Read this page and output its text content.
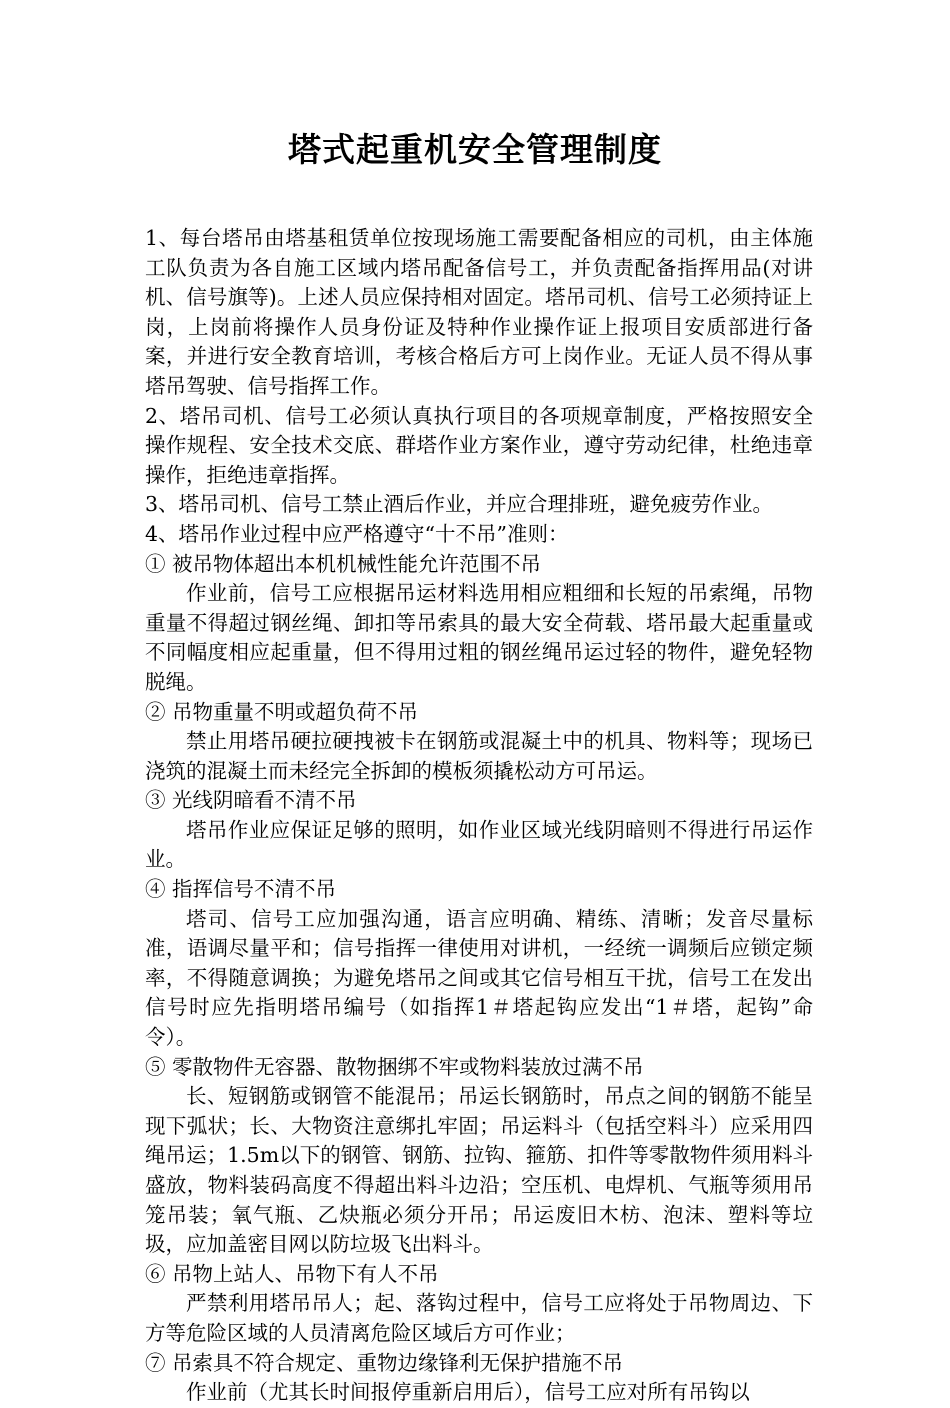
塔式起重机安全管理制度

1、每台塔吊由塔基租赁单位按现场施工需要配备相应的司机，由主体施工队负责为各自施工区域内塔吊配备信号工，并负责配备指挥用品(对讲机、信号旗等)。上述人员应保持相对固定。塔吊司机、信号工必须持证上岗，上岗前将操作人员身份证及特种作业操作证上报项目安质部进行备案，并进行安全教育培训，考核合格后方可上岗作业。无证人员不得从事塔吊驾驶、信号指挥工作。

2、塔吊司机、信号工必须认真执行项目的各项规章制度，严格按照安全操作规程、安全技术交底、群塔作业方案作业，遵守劳动纪律，杜绝违章操作，拒绝违章指挥。

3、塔吊司机、信号工禁止酒后作业，并应合理排班，避免疲劳作业。

4、塔吊作业过程中应严格遵守“十不吊”准则：

① 被吊物体超出本机机械性能允许范围不吊

作业前，信号工应根据吊运材料选用相应粗细和长短的吊索绳，吊物重量不得超过钢丝绳、卸扣等吊索具的最大安全荷载、塔吊最大起重量或不同幅度相应起重量，但不得用过粗的钢丝绳吊运过轻的物件，避免轻物脱绳。

② 吊物重量不明或超负荷不吊

禁止用塔吊硬拉硬拽被卡在钢筋或混凝土中的机具、物料等；现场已浇筑的混凝土而未经完全拆卸的模板须撬松动方可吊运。

③ 光线阴暗看不清不吊

塔吊作业应保证足够的照明，如作业区域光线阴暗则不得进行吊运作业。

④ 指挥信号不清不吊

塔司、信号工应加强沟通，语言应明确、精练、清晰；发音尽量标准，语调尽量平和；信号指挥一律使用对讲机，一经统一调频后应锁定频率，不得随意调换；为避免塔吊之间或其它信号相互干扰，信号工在发出信号时应先指明塔吊编号（如指挥1＃塔起钩应发出“1＃塔，起钩”命令）。

⑤ 零散物件无容器、散物捆绑不牢或物料装放过满不吊

长、短钢筋或钢管不能混吊；吊运长钢筋时，吊点之间的钢筋不能呈现下弧状；长、大物资注意绑扎牢固；吊运料斗（包括空料斗）应采用四绳吊运；1.5m以下的钢管、钢筋、拉钩、箍筋、扣件等零散物件须用料斗盛放，物料装码高度不得超出料斗边沿；空压机、电焊机、气瓶等须用吊笼吊装；氧气瓶、乙炔瓶必须分开吊；吊运废旧木枋、泡沫、塑料等垃圾，应加盖密目网以防垃圾飞出料斗。

⑥ 吊物上站人、吊物下有人不吊

严禁利用塔吊吊人；起、落钩过程中，信号工应将处于吊物周边、下方等危险区域的人员清离危险区域后方可作业；

⑦ 吊索具不符合规定、重物边缘锋利无保护措施不吊

作业前（尤其长时间报停重新启用后），信号工应对所有吊钩以
